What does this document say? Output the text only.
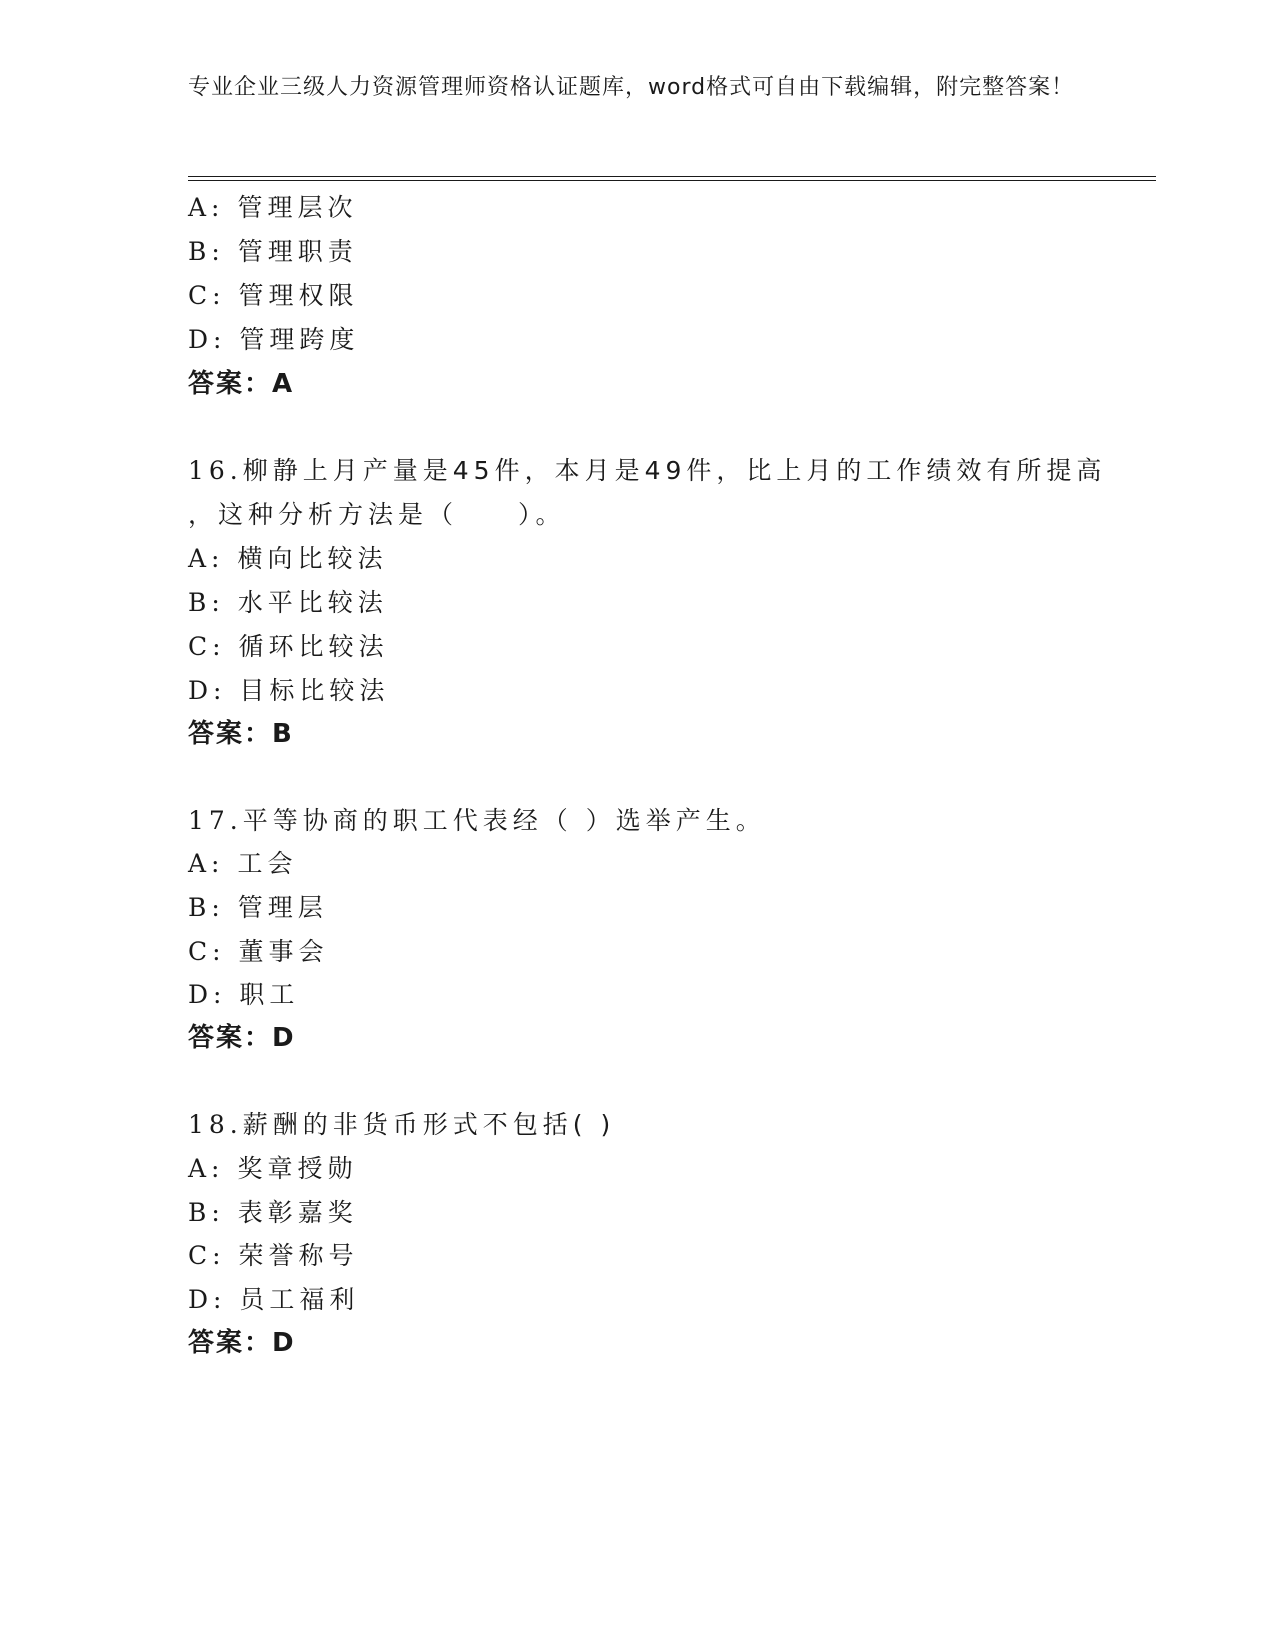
专业企业三级人力资源管理师资格认证题库，word格式可自由下载编辑，附完整答案！
A: 管理层次
B: 管理职责
C: 管理权限
D: 管理跨度
答案：A
16.柳静上月产量是45件，本月是49件，比上月的工作绩效有所提高
，这种分析方法是（　　）。
A: 横向比较法
B: 水平比较法
C: 循环比较法
D: 目标比较法
答案：B
17.平等协商的职工代表经（ ）选举产生。
A: 工会
B: 管理层
C: 董事会
D: 职工
答案：D
18.薪酬的非货币形式不包括( )
A: 奖章授勋
B: 表彰嘉奖
C: 荣誉称号
D: 员工福利
答案：D
